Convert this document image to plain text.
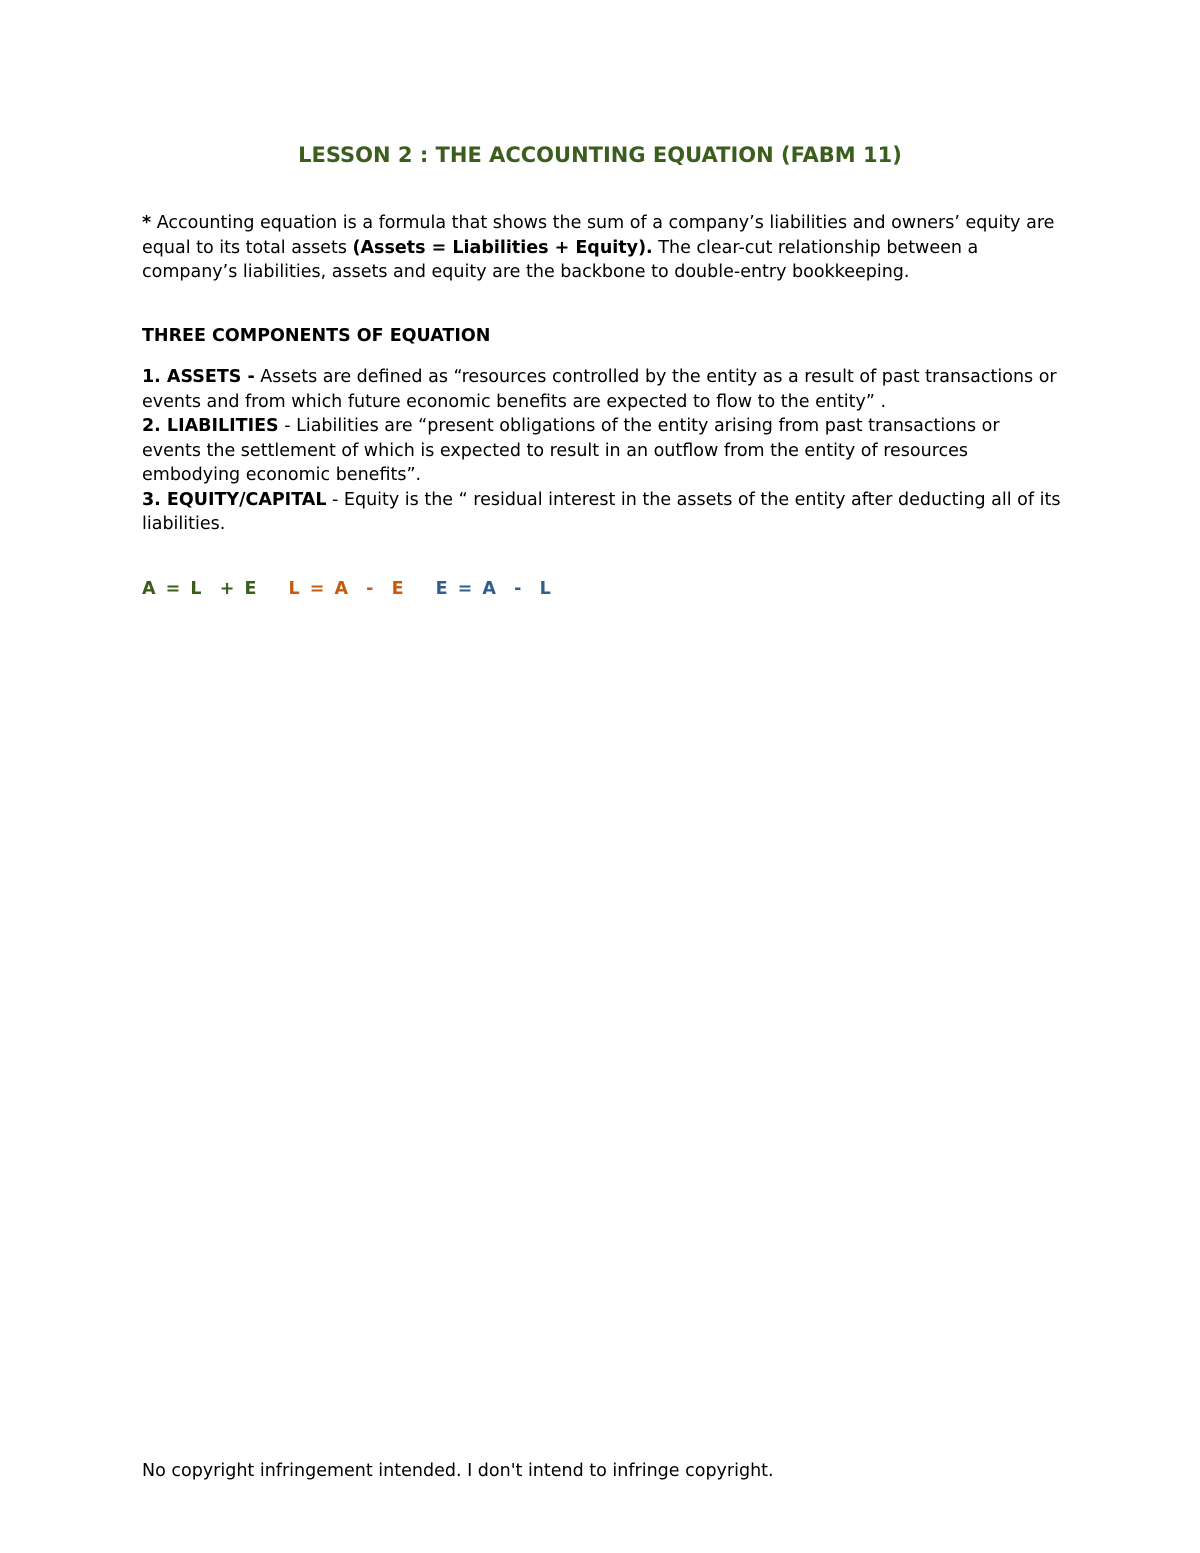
LESSON 2 : THE ACCOUNTING EQUATION (FABM 11)

* Accounting equation is a formula that shows the sum of a company’s liabilities and owners’ equity are equal to its total assets (Assets = Liabilities + Equity). The clear-cut relationship between a company’s liabilities, assets and equity are the backbone to double-entry bookkeeping.

THREE COMPONENTS OF EQUATION

1. ASSETS - Assets are defined as “resources controlled by the entity as a result of past transactions or events and from which future economic benefits are expected to flow to the entity” .

2. LIABILITIES - Liabilities are “present obligations of the entity arising from past transactions or events the settlement of which is expected to result in an outflow from the entity of resources embodying economic benefits”.

3. EQUITY/CAPITAL - Equity is the “ residual interest in the assets of the entity after deducting all of its liabilities.

A = L  + E L = A  -  E E = A  -  L

No copyright infringement intended. I don't intend to infringe copyright.
